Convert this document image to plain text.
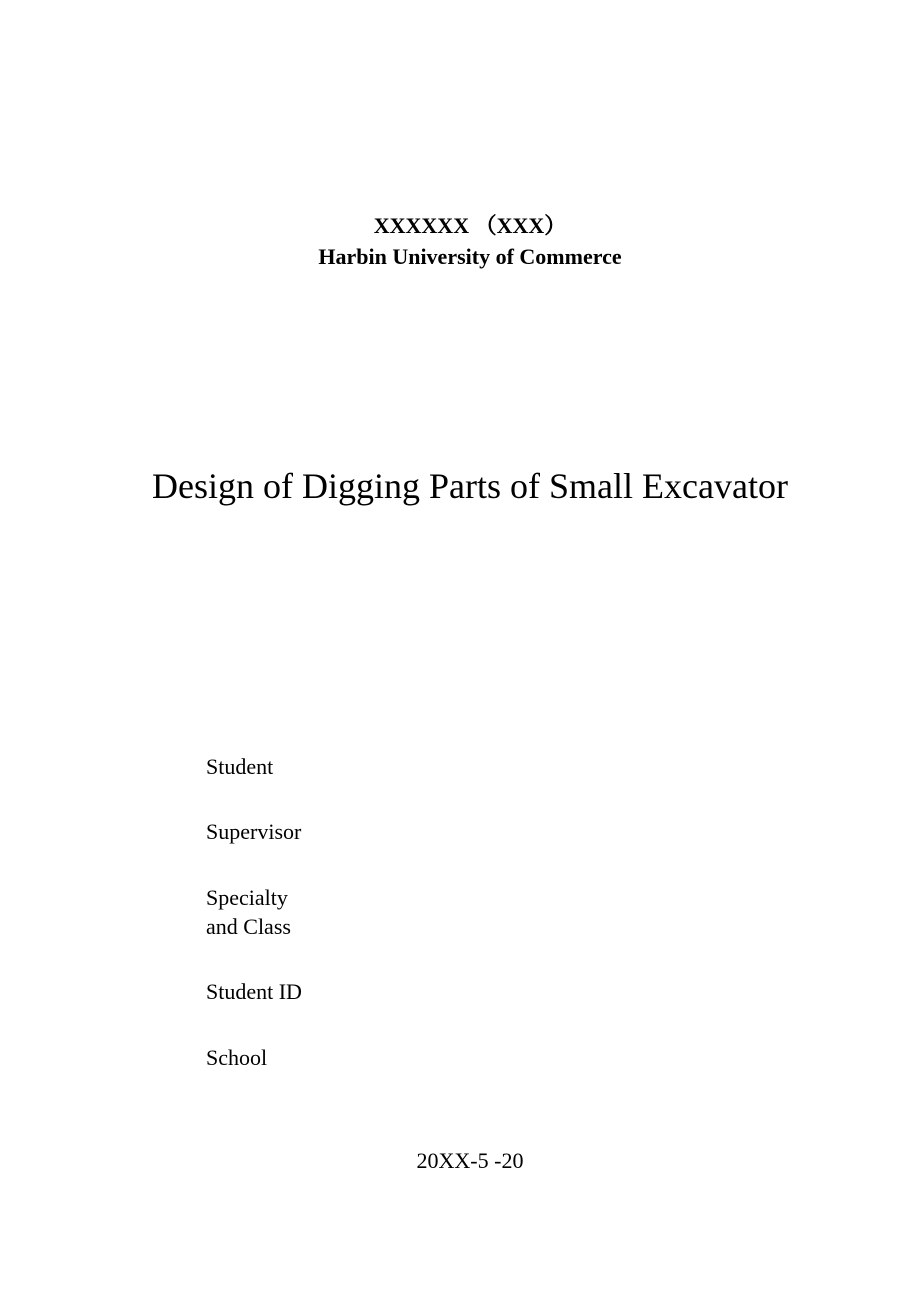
XXXXXX （XXX）
Harbin University of Commerce
Design of Digging Parts of Small Excavator
Student
Supervisor
Specialty
and Class
Student ID
School
20XX-5 -20
